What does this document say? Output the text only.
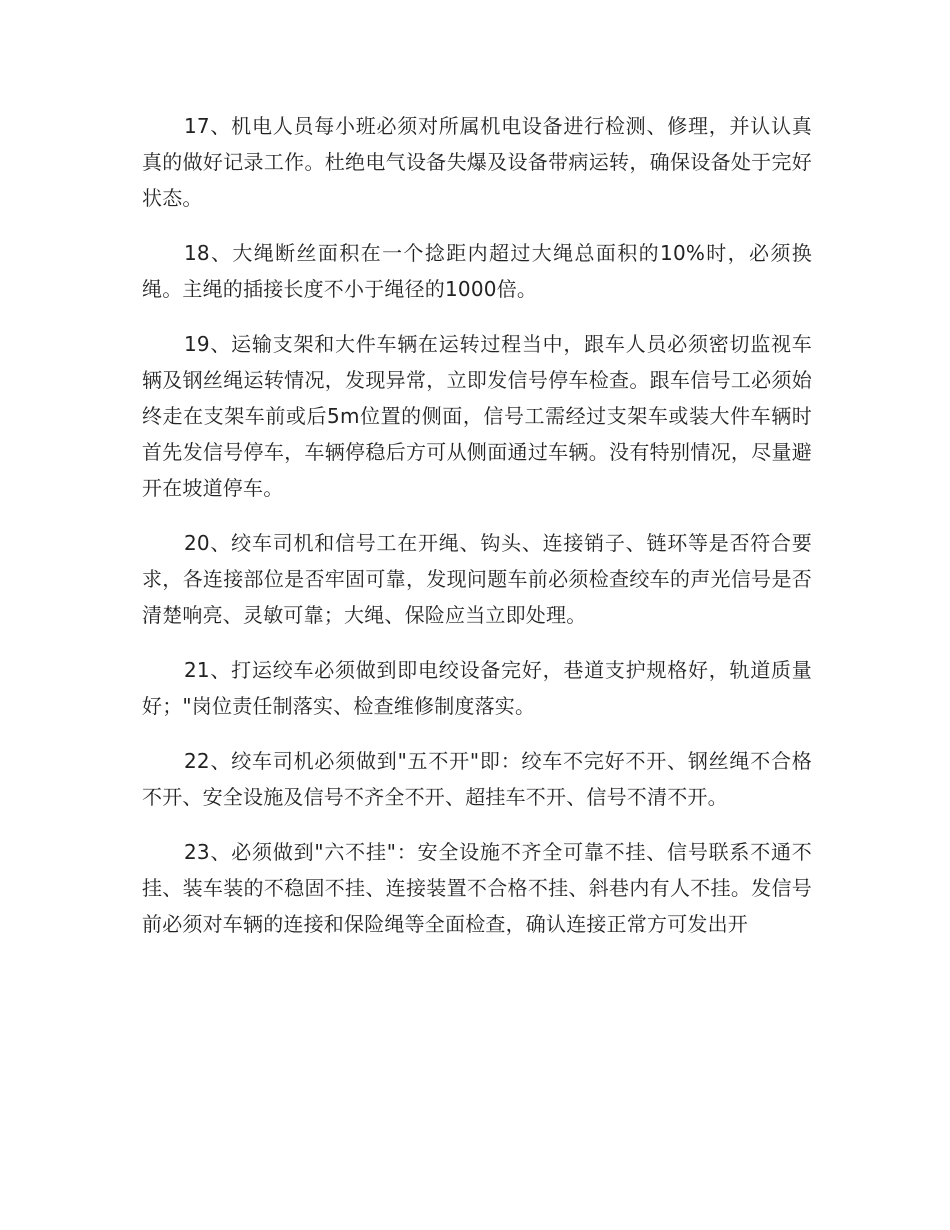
17、机电人员每小班必须对所属机电设备进行检测、修理，并认认真真的做好记录工作。杜绝电气设备失爆及设备带病运转，确保设备处于完好状态。

18、大绳断丝面积在一个捻距内超过大绳总面积的10%时，必须换绳。主绳的插接长度不小于绳径的1000倍。

19、运输支架和大件车辆在运转过程当中，跟车人员必须密切监视车辆及钢丝绳运转情况，发现异常，立即发信号停车检查。跟车信号工必须始终走在支架车前或后5m位置的侧面，信号工需经过支架车或装大件车辆时首先发信号停车，车辆停稳后方可从侧面通过车辆。没有特别情况，尽量避开在坡道停车。

20、绞车司机和信号工在开绳、钩头、连接销子、链环等是否符合要求，各连接部位是否牢固可靠，发现问题车前必须检查绞车的声光信号是否清楚响亮、灵敏可靠；大绳、保险应当立即处理。

21、打运绞车必须做到即电绞设备完好，巷道支护规格好，轨道质量好；"岗位责任制落实、检查维修制度落实。

22、绞车司机必须做到"五不开"即：绞车不完好不开、钢丝绳不合格不开、安全设施及信号不齐全不开、超挂车不开、信号不清不开。

23、必须做到"六不挂"：安全设施不齐全可靠不挂、信号联系不通不挂、装车装的不稳固不挂、连接装置不合格不挂、斜巷内有人不挂。发信号前必须对车辆的连接和保险绳等全面检查，确认连接正常方可发出开
